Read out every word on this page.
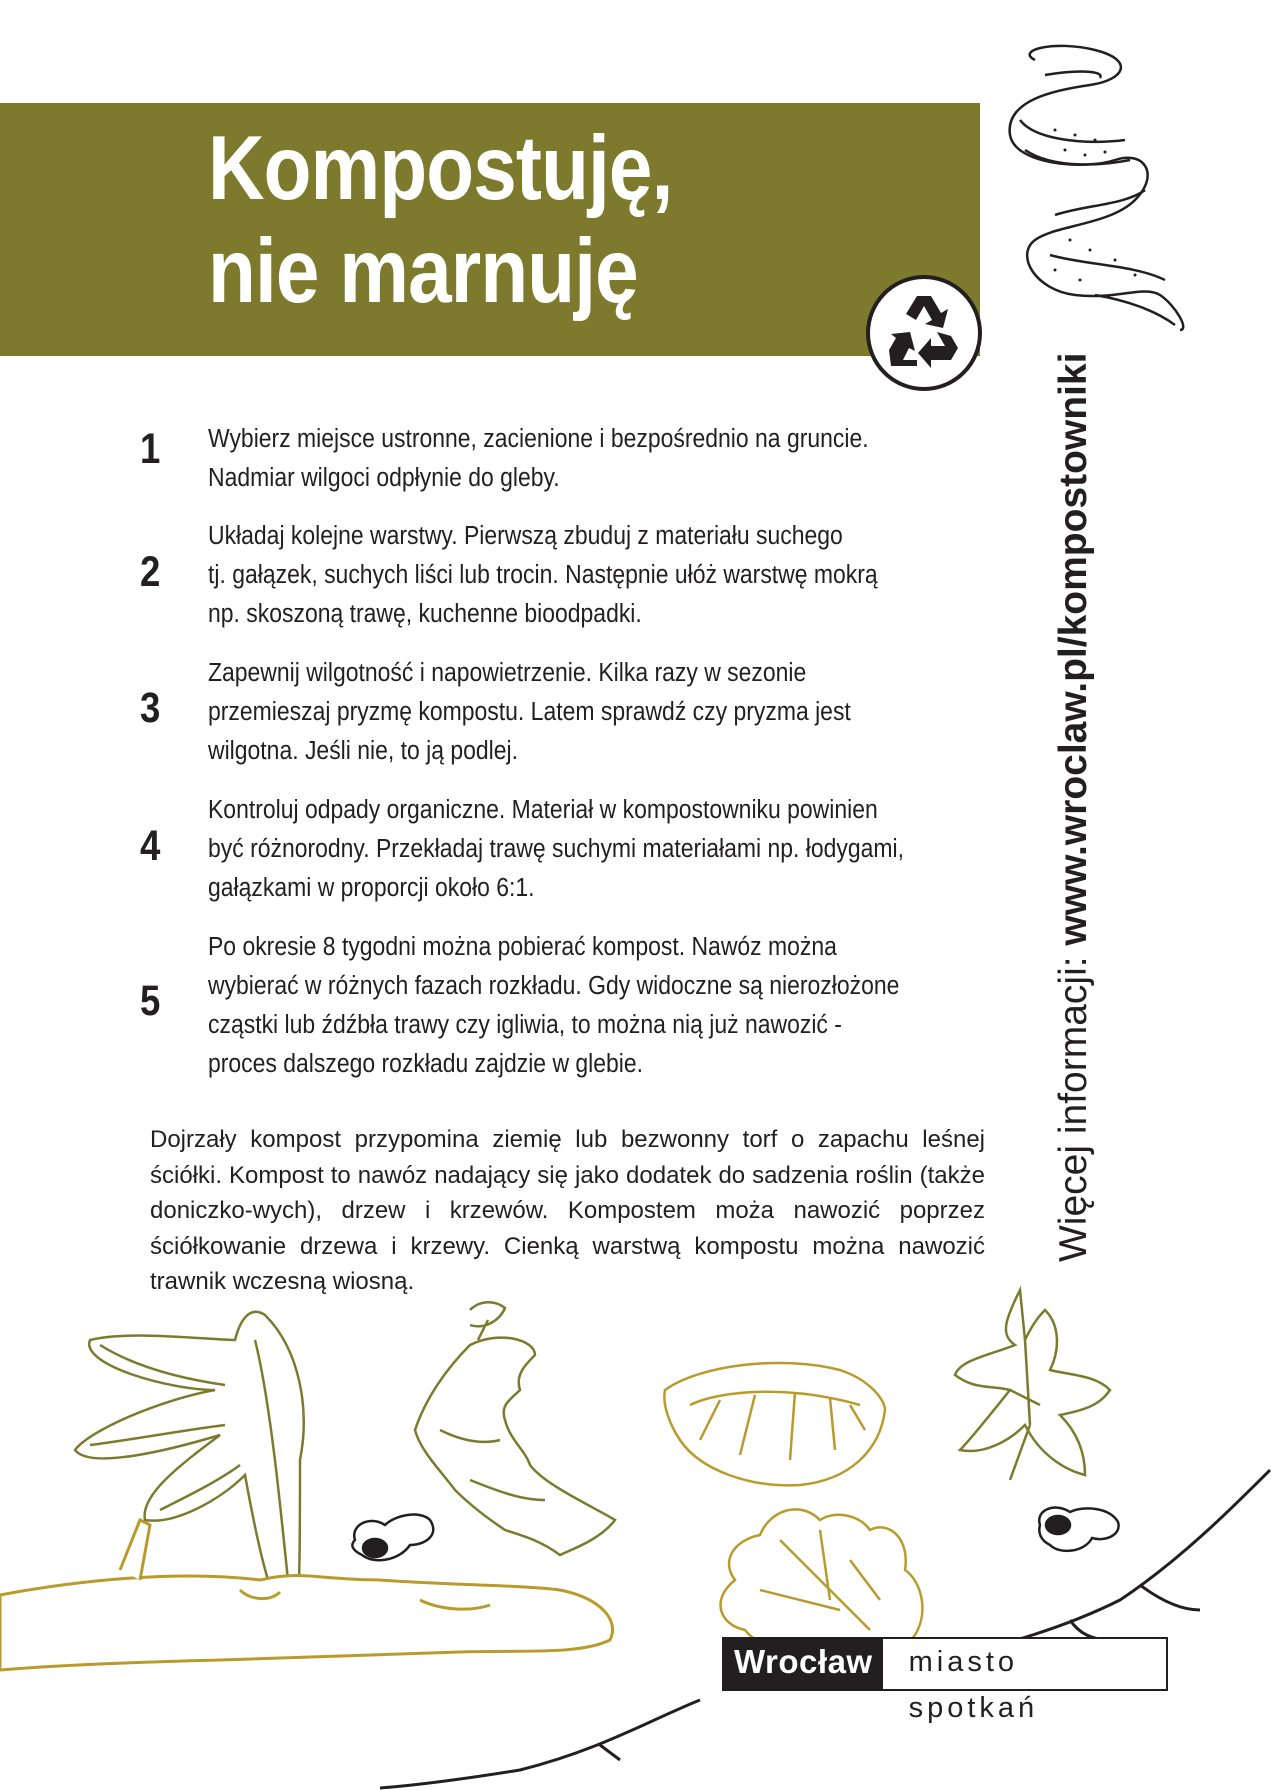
Kompostuję,
nie marnuję
1 Wybierz miejsce ustronne, zacienione i bezpośrednio na gruncie.
Nadmiar wilgoci odpłynie do gleby.
2
Układaj kolejne warstwy. Pierwszą zbuduj z materiału suchego
tj. gałązek, suchych liści lub trocin. Następnie ułóż warstwę mokrą
np. skoszoną trawę, kuchenne bioodpadki.
3
Zapewnij wilgotność i napowietrzenie. Kilka razy w sezonie
przemieszaj pryzmę kompostu. Latem sprawdź czy pryzma jest
wilgotna. Jeśli nie, to ją podlej.
4
Kontroluj odpady organiczne. Materiał w kompostowniku powinien
być różnorodny. Przekładaj trawę suchymi materiałami np. łodygami,
gałązkami w proporcji około 6:1.
5
Po okresie 8 tygodni można pobierać kompost. Nawóz można
wybierać w różnych fazach rozkładu. Gdy widoczne są nierozłożone
cząstki lub źdźbła trawy czy igliwia, to można nią już nawozić -
proces dalszego rozkładu zajdzie w glebie.

Dojrzały kompost przypomina ziemię lub bezwonny torf o zapachu leśnej ściółki. Kompost to nawóz nadający się jako dodatek do sadzenia roślin (także doniczko-wych), drzew i krzewów. Kompostem moża nawozić poprzez ściółkowanie drzewa i krzewy. Cienką warstwą kompostu można nawozić trawnik wczesną wiosną.

Więcej informacji: www.wroclaw.pl/kompostowniki
Wrocław	miasto spotkań
